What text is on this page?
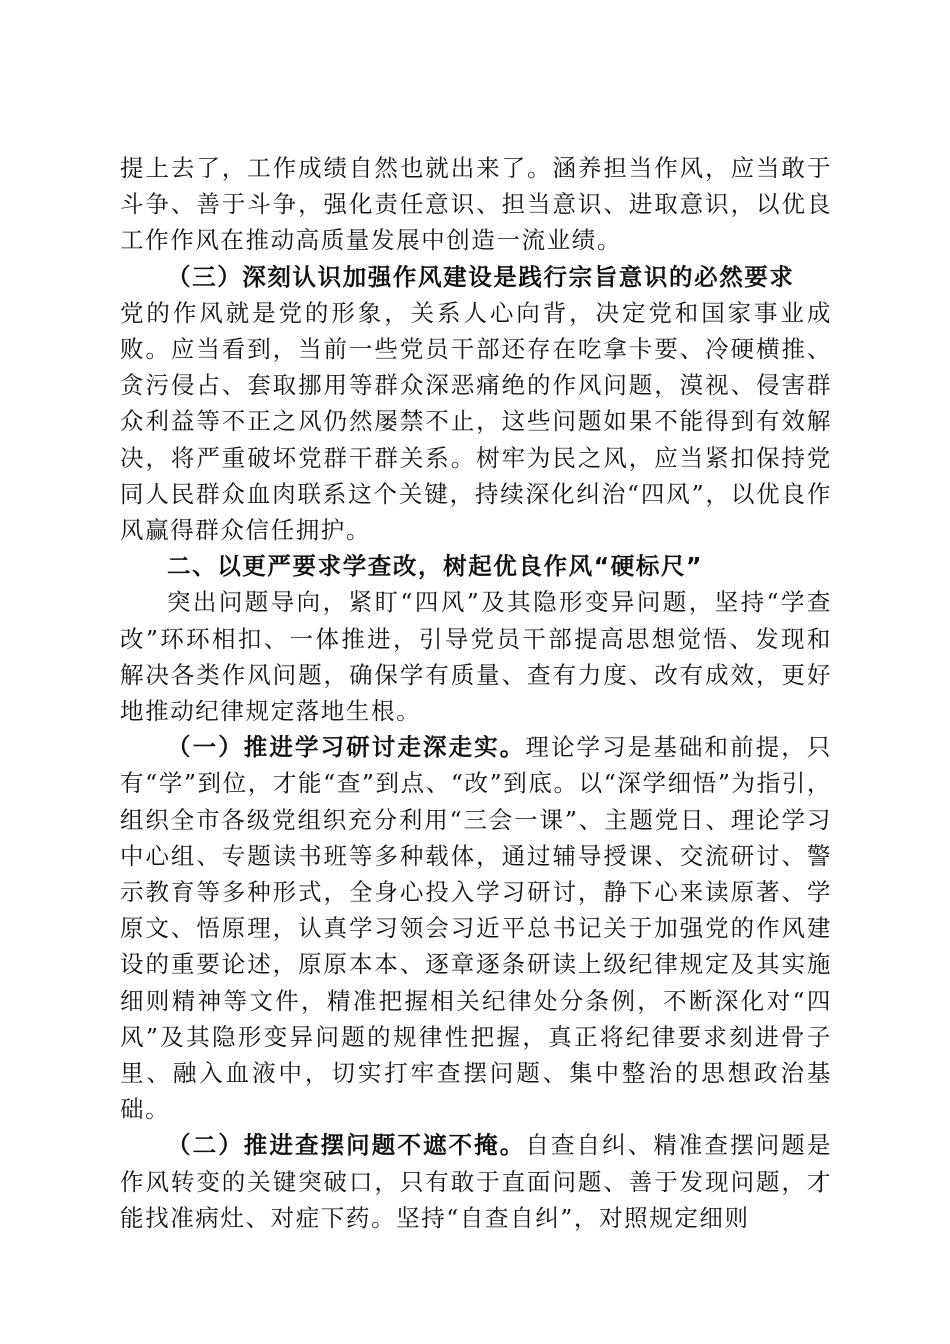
提上去了，工作成绩自然也就出来了。涵养担当作风，应当敢于斗争、善于斗争，强化责任意识、担当意识、进取意识，以优良工作作风在推动高质量发展中创造一流业绩。

（三）深刻认识加强作风建设是践行宗旨意识的必然要求

党的作风就是党的形象，关系人心向背，决定党和国家事业成败。应当看到，当前一些党员干部还存在吃拿卡要、冷硬横推、贪污侵占、套取挪用等群众深恶痛绝的作风问题，漠视、侵害群众利益等不正之风仍然屡禁不止，这些问题如果不能得到有效解决，将严重破坏党群干群关系。树牢为民之风，应当紧扣保持党同人民群众血肉联系这个关键，持续深化纠治“四风”，以优良作风赢得群众信任拥护。

二、以更严要求学查改，树起优良作风“硬标尺”

突出问题导向，紧盯“四风”及其隐形变异问题，坚持“学查改”环环相扣、一体推进，引导党员干部提高思想觉悟、发现和解决各类作风问题，确保学有质量、查有力度、改有成效，更好地推动纪律规定落地生根。

（一）推进学习研讨走深走实。理论学习是基础和前提，只有“学”到位，才能“查”到点、“改”到底。以“深学细悟”为指引，组织全市各级党组织充分利用“三会一课”、主题党日、理论学习中心组、专题读书班等多种载体，通过辅导授课、交流研讨、警示教育等多种形式，全身心投入学习研讨，静下心来读原著、学原文、悟原理，认真学习领会习近平总书记关于加强党的作风建设的重要论述，原原本本、逐章逐条研读上级纪律规定及其实施细则精神等文件，精准把握相关纪律处分条例，不断深化对“四风”及其隐形变异问题的规律性把握，真正将纪律要求刻进骨子里、融入血液中，切实打牢查摆问题、集中整治的思想政治基础。

（二）推进查摆问题不遮不掩。自查自纠、精准查摆问题是作风转变的关键突破口，只有敢于直面问题、善于发现问题，才能找准病灶、对症下药。坚持“自查自纠”，对照规定细则
